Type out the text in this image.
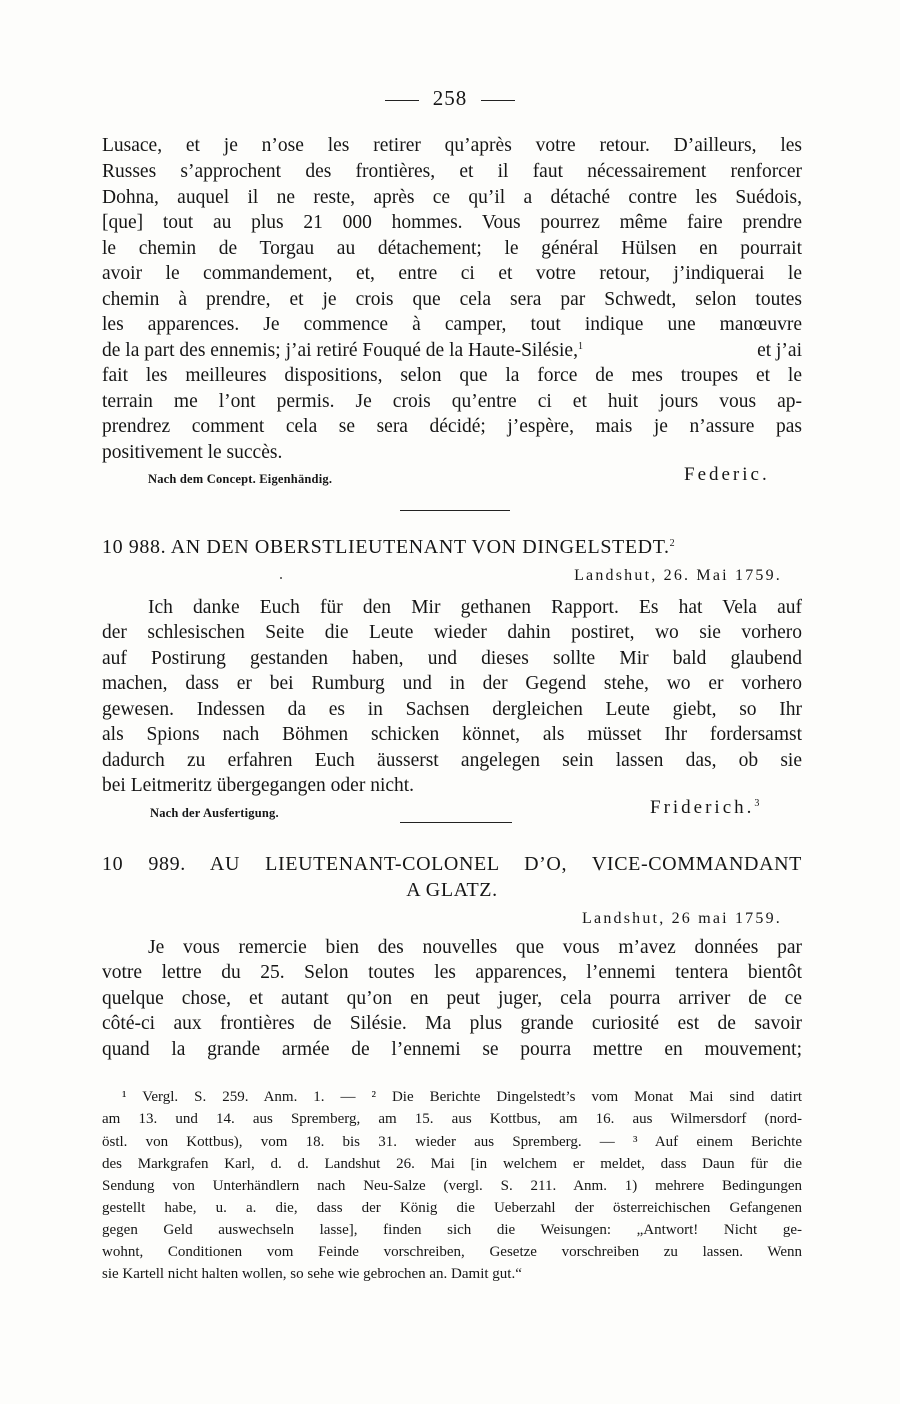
258
Lusace, et je n’ose les retirer qu’après votre retour. D’ailleurs, les
Russes s’approchent des frontières, et il faut nécessairement renforcer
Dohna, auquel il ne reste, après ce qu’il a détaché contre les Suédois,
[que] tout au plus 21 000 hommes. Vous pourrez même faire prendre
le chemin de Torgau au détachement; le général Hülsen en pourrait
avoir le commandement, et, entre ci et votre retour, j’indiquerai le
chemin à prendre, et je crois que cela sera par Schwedt, selon toutes
les apparences. Je commence à camper, tout indique une manœuvre
de la part des ennemis; j’ai retiré Fouqué de la Haute-Silésie,$^1$	et j’ai
fait les meilleures dispositions, selon que la force de mes troupes et le
terrain me l’ont permis. Je crois qu’entre ci et huit jours vous ap-
prendrez comment cela se sera décidé; j’espère, mais je n’assure pas
positivement le succès.
Nach dem Concept. Eigenhändig.	Federic.
10 988. AN DEN OBERSTLIEUTENANT VON DINGELSTEDT.$^2$
Landshut, 26. Mai 1759.
Ich danke Euch für den Mir gethanen Rapport. Es hat Vela auf
der schlesischen Seite die Leute wieder dahin postiret, wo sie vorhero
auf Postirung gestanden haben, und dieses sollte Mir bald glaubend
machen, dass er bei Rumburg und in der Gegend stehe, wo er vorhero
gewesen. Indessen da es in Sachsen dergleichen Leute giebt, so Ihr
als Spions nach Böhmen schicken könnet, als müsset Ihr fordersamst
dadurch zu erfahren Euch äusserst angelegen sein lassen das, ob sie
bei Leitmeritz übergegangen oder nicht.
Nach der Ausfertigung.	Friderich.$^3$
10 989. AU LIEUTENANT-COLONEL D’O, VICE-COMMANDANT
A GLATZ.
Landshut, 26 mai 1759.
Je vous remercie bien des nouvelles que vous m’avez données par
votre lettre du 25. Selon toutes les apparences, l’ennemi tentera bientôt
quelque chose, et autant qu’on en peut juger, cela pourra arriver de ce
côté-ci aux frontières de Silésie. Ma plus grande curiosité est de savoir
quand la grande armée de l’ennemi se pourra mettre en mouvement;
¹ Vergl. S. 259. Anm. 1. — ² Die Berichte Dingelstedt’s vom Monat Mai sind datirt
am 13. und 14. aus Spremberg, am 15. aus Kottbus, am 16. aus Wilmersdorf (nord-
östl. von Kottbus), vom 18. bis 31. wieder aus Spremberg. — ³ Auf einem Berichte
des Markgrafen Karl, d. d. Landshut 26. Mai [in welchem er meldet, dass Daun für die
Sendung von Unterhändlern nach Neu-Salze (vergl. S. 211. Anm. 1) mehrere Bedingungen
gestellt habe, u. a. die, dass der König die Ueberzahl der österreichischen Gefangenen
gegen Geld auswechseln lasse], finden sich die Weisungen: „Antwort! Nicht ge-
wohnt, Conditionen vom Feinde vorschreiben, Gesetze vorschreiben zu lassen. Wenn
sie Kartell nicht halten wollen, so sehe wie gebrochen an. Damit gut.“
